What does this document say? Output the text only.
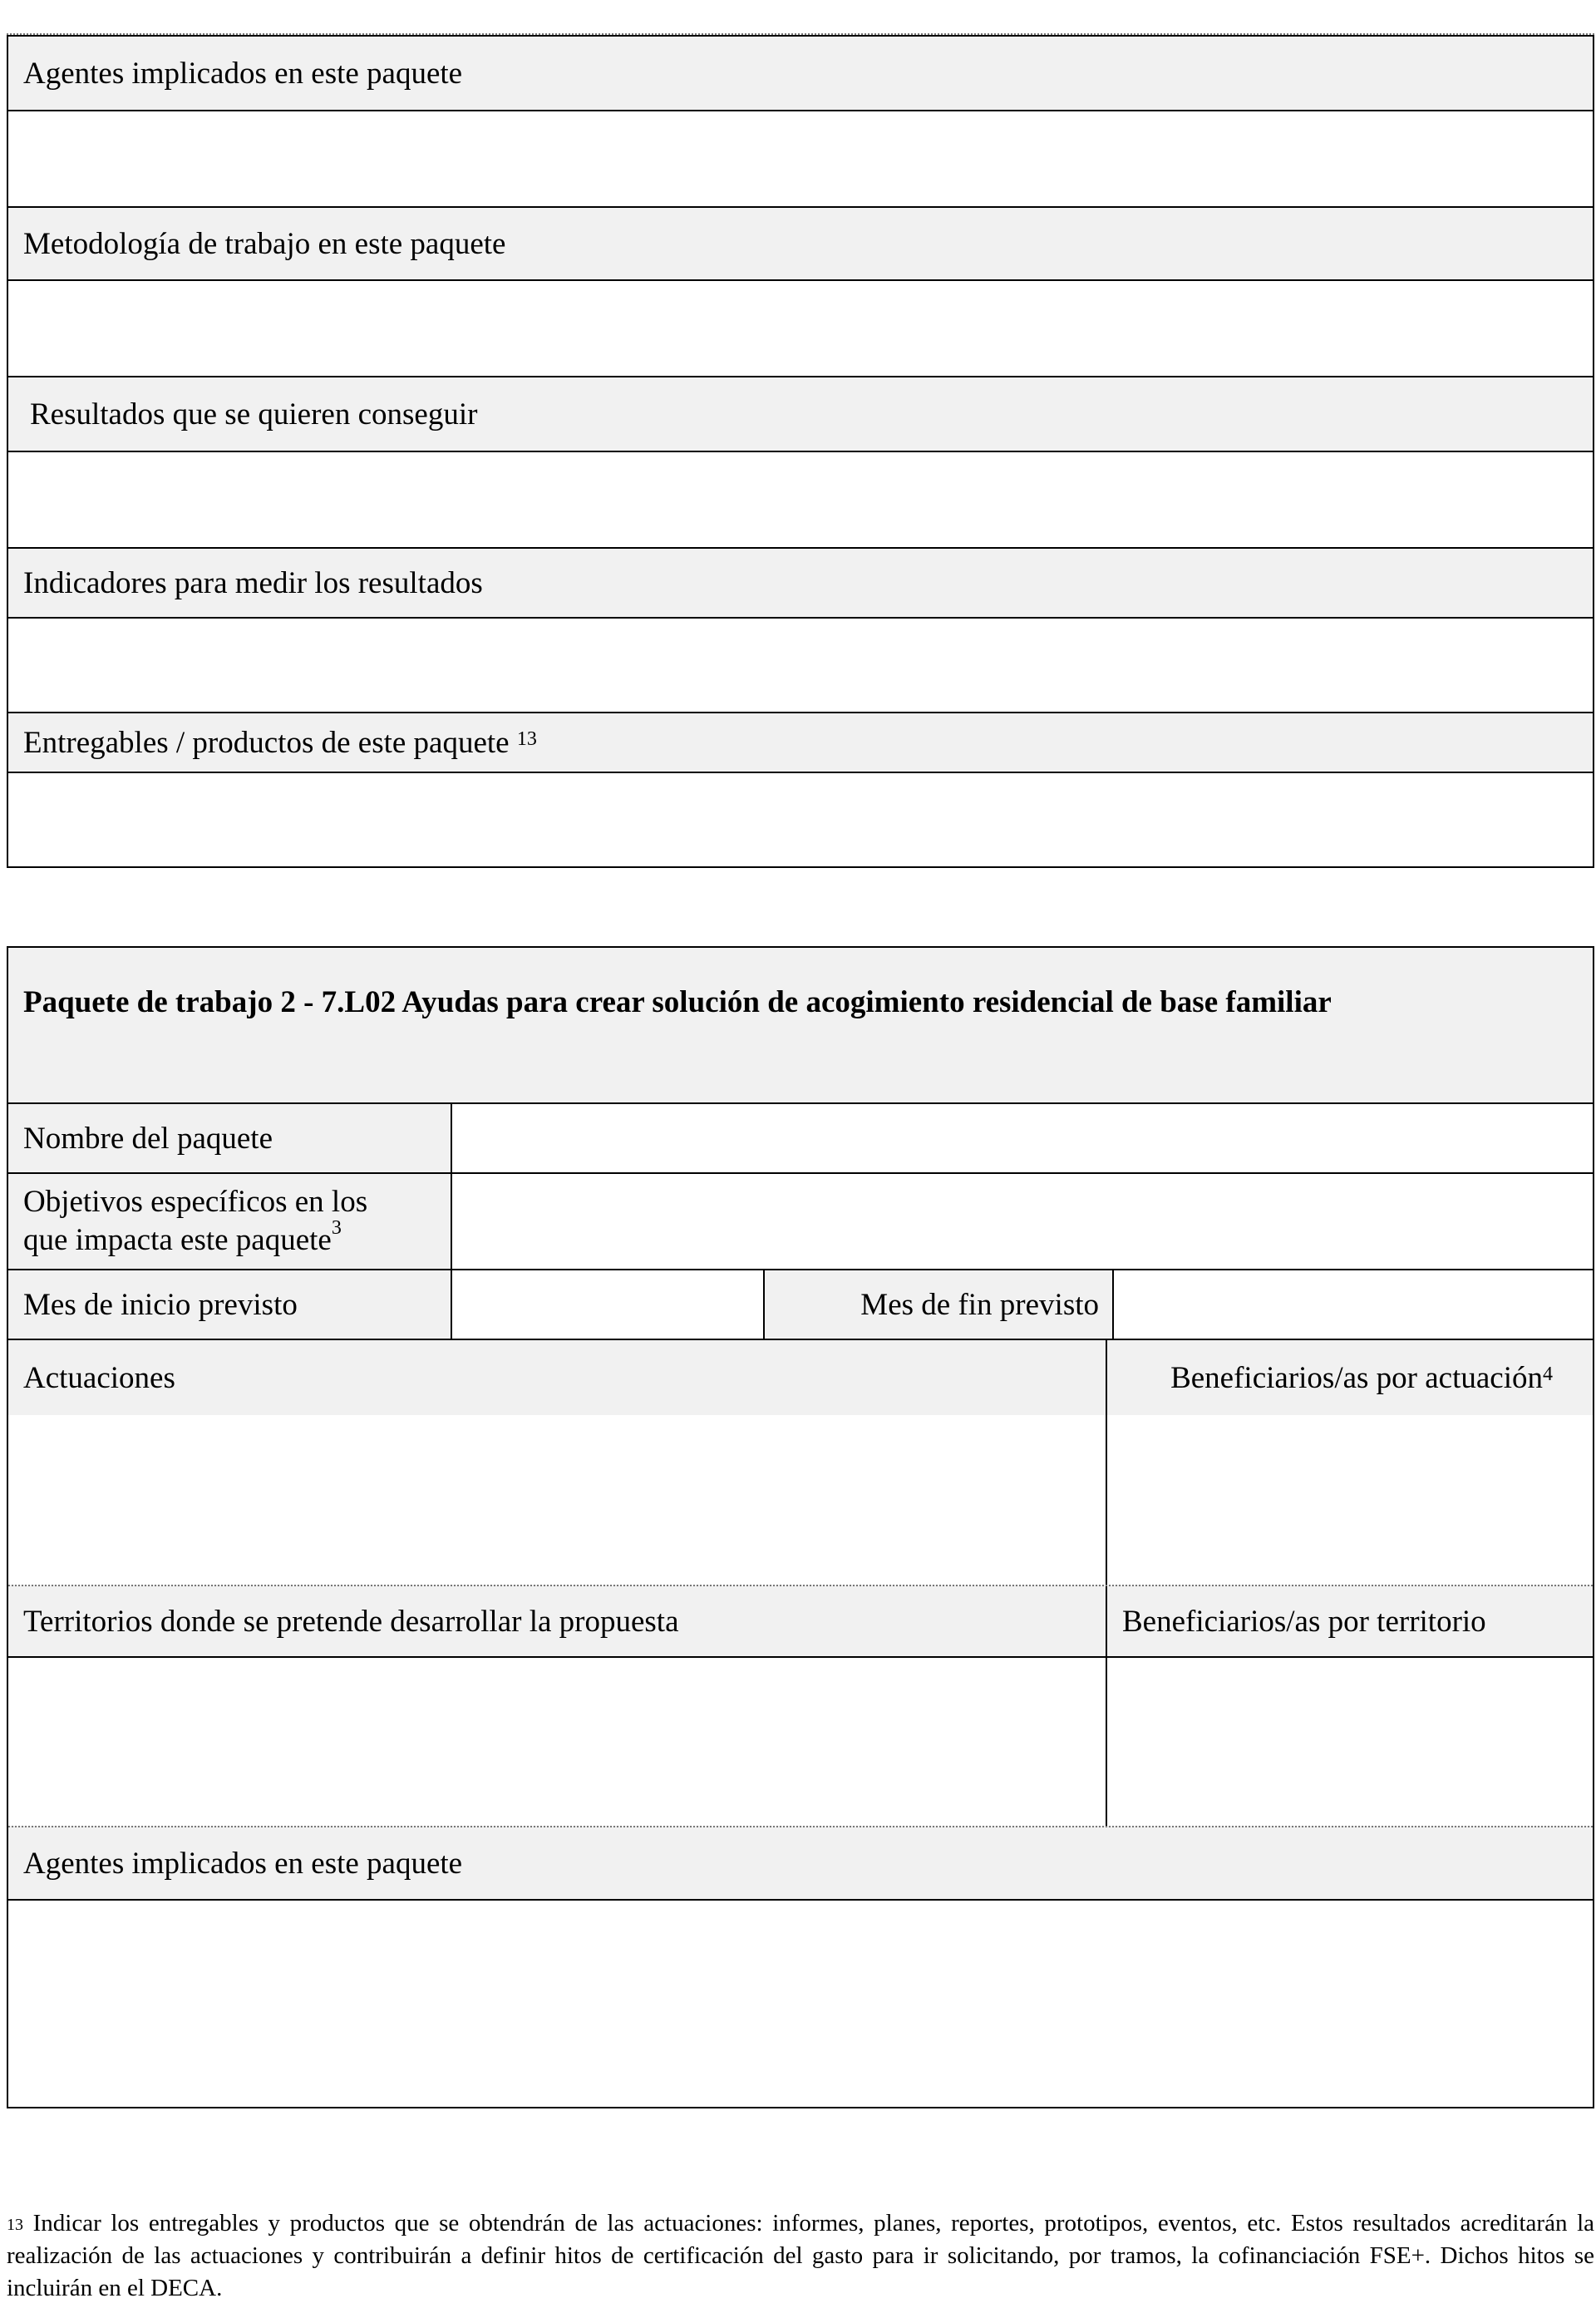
Agentes implicados en este paquete
Metodología de trabajo en este paquete
Resultados que se quieren conseguir
Indicadores para medir los resultados
Entregables / productos de este paquete
$^{13}$
Paquete de trabajo 2 - 7.L02 Ayudas para crear solución de acogimiento residencial de base familiar
Nombre del paquete
Objetivos específicos en los
que impacta este paquete$^3$
Mes de inicio previsto	Mes de fin previsto
Actuaciones	Beneficiarios/as por actuación$^4$
Territorios donde se pretende desarrollar la propuesta	Beneficiarios/as por territorio
Agentes implicados en este paquete
$^{13}$ Indicar los entregables y productos que se obtendrán de las actuaciones: informes, planes, reportes, prototipos, eventos, etc. Estos resultados acreditarán la realización de las actuaciones y contribuirán a definir hitos de certificación del gasto para ir solicitando, por tramos, la cofinanciación FSE+. Dichos hitos se incluirán en el DECA.
